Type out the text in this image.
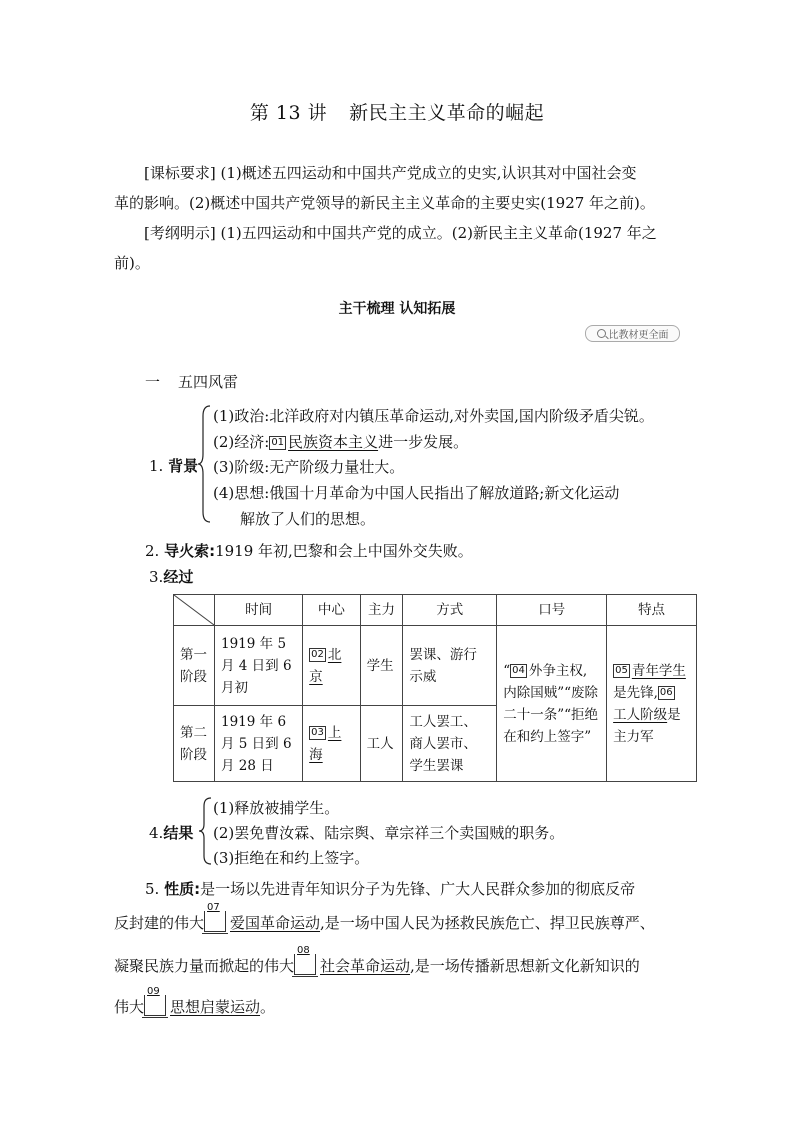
第 13 讲 新民主主义革命的崛起
[课标要求] (1)概述五四运动和中国共产党成立的史实,认识其对中国社会变
革的影响。(2)概述中国共产党领导的新民主主义革命的主要史实(1927 年之前)。
[考纲明示] (1)五四运动和中国共产党的成立。(2)新民主主义革命(1927 年之
前)。
主干梳理 认知拓展
比教材更全面
一 五四风雷
1. 背景
(1)政治:北洋政府对内镇压革命运动,对外卖国,国内阶级矛盾尖锐。
(2)经济: 01 民族资本主义进一步发展。
(3)阶级:无产阶级力量壮大。
(4)思想:俄国十月革命为中国人民指出了解放道路;新文化运动
解放了人们的思想。
2. 导火索:1919 年初,巴黎和会上中国外交失败。
3.经过
	时间	中心	主力	方式	口号	特点
第一阶段	1919 年 5 月 4 日到 6 月初	02 北京	学生	罢课、游行示威	“ 04 外争主权,内除国贼”“废除二十一条”“拒绝在和约上签字”	05 青年学生是先锋, 06工人阶级是主力军
第二阶段	1919 年 6 月 5 日到 6 月 28 日	03 上海	工人	工人罢工、商人罢市、学生罢课		
4.结果
(1)释放被捕学生。
(2)罢免曹汝霖、陆宗舆、章宗祥三个卖国贼的职务。
(3)拒绝在和约上签字。
5. 性质:是一场以先进青年知识分子为先锋、广大人民群众参加的彻底反帝
反封建的伟大
07
爱国革命运动,是一场中国人民为拯救民族危亡、捍卫民族尊严、
凝聚民族力量而掀起的伟大
08
社会革命运动,是一场传播新思想新文化新知识的
伟大
09
思想启蒙运动。
